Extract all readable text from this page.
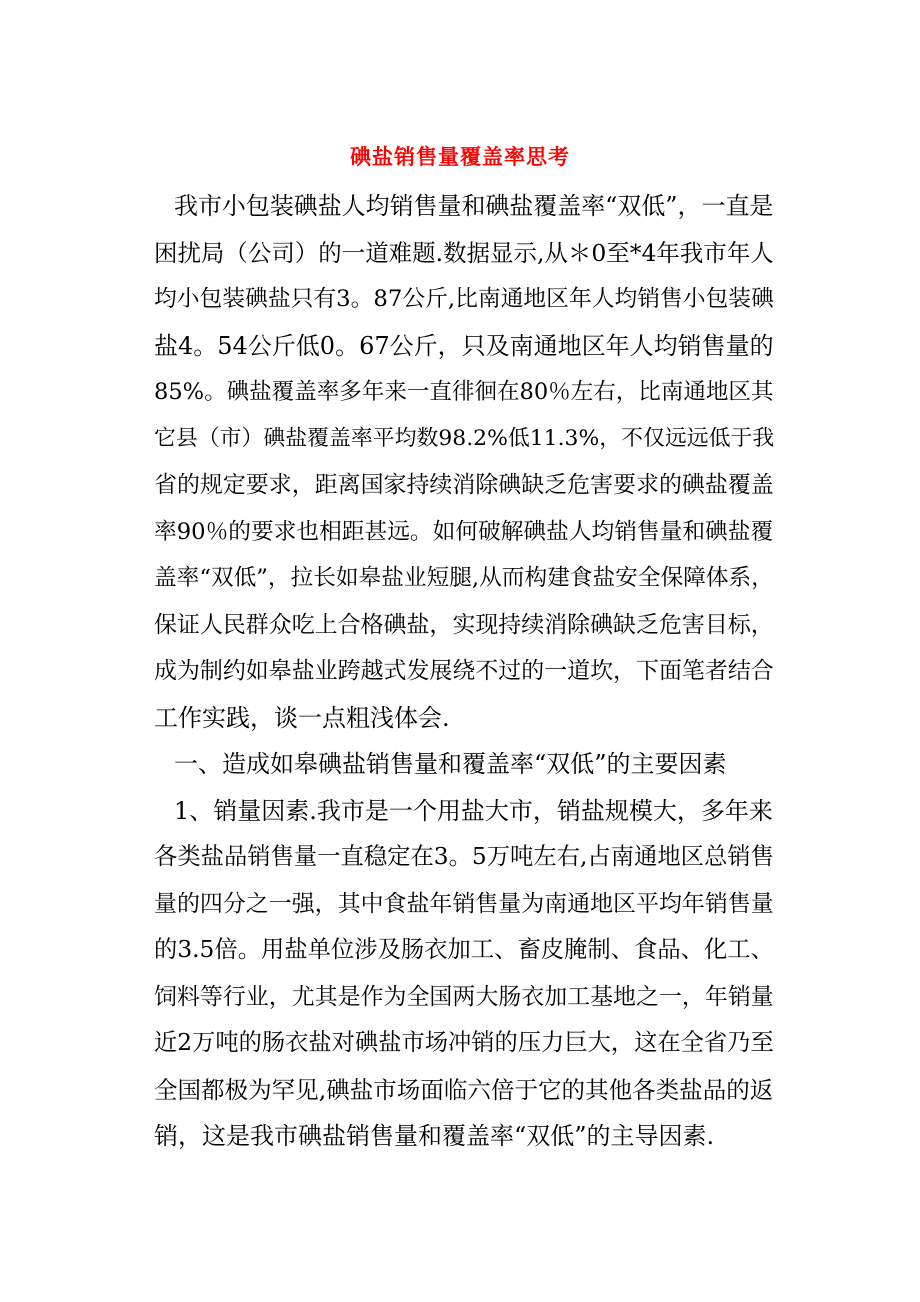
碘盐销售量覆盖率思考
我市小包装碘盐人均销售量和碘盐覆盖率“双低”，一直是
困扰局（公司）的一道难题.数据显示,从＊0至*4年我市年人
均小包装碘盐只有3。87公斤,比南通地区年人均销售小包装碘
盐4。54公斤低0。67公斤，只及南通地区年人均销售量的
85%。碘盐覆盖率多年来一直徘徊在80％左右，比南通地区其
它县（市）碘盐覆盖率平均数98.2%低11.3%，不仅远远低于我
省的规定要求，距离国家持续消除碘缺乏危害要求的碘盐覆盖
率90％的要求也相距甚远。如何破解碘盐人均销售量和碘盐覆
盖率“双低”，拉长如皋盐业短腿,从而构建食盐安全保障体系，
保证人民群众吃上合格碘盐，实现持续消除碘缺乏危害目标，
成为制约如皋盐业跨越式发展绕不过的一道坎，下面笔者结合
工作实践，谈一点粗浅体会.
一、造成如皋碘盐销售量和覆盖率“双低”的主要因素
1、销量因素.我市是一个用盐大市，销盐规模大，多年来
各类盐品销售量一直稳定在3。5万吨左右,占南通地区总销售
量的四分之一强，其中食盐年销售量为南通地区平均年销售量
的3.5倍。用盐单位涉及肠衣加工、畜皮腌制、食品、化工、
饲料等行业，尤其是作为全国两大肠衣加工基地之一，年销量
近2万吨的肠衣盐对碘盐市场冲销的压力巨大，这在全省乃至
全国都极为罕见,碘盐市场面临六倍于它的其他各类盐品的返
销，这是我市碘盐销售量和覆盖率“双低”的主导因素.
